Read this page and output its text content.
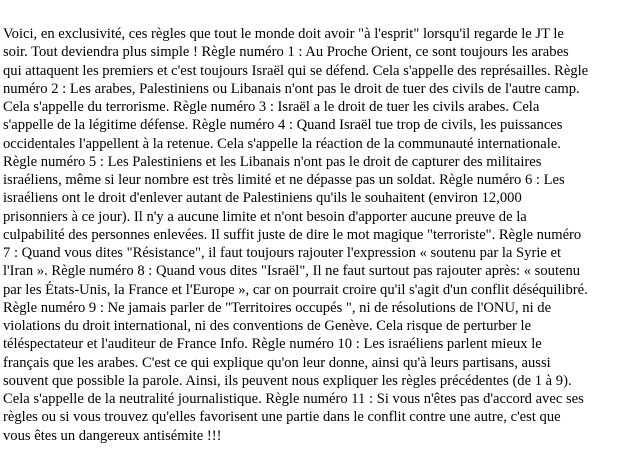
Voici, en exclusivité, ces règles que tout le monde doit avoir "à l'esprit" lorsqu'il regarde le JT le
soir. Tout deviendra plus simple ! Règle numéro 1 : Au Proche Orient, ce sont toujours les arabes
qui attaquent les premiers et c'est toujours Israël qui se défend. Cela s'appelle des représailles. Règle
numéro 2 : Les arabes, Palestiniens ou Libanais n'ont pas le droit de tuer des civils de l'autre camp.
Cela s'appelle du terrorisme. Règle numéro 3 : Israël a le droit de tuer les civils arabes. Cela
s'appelle de la légitime défense. Règle numéro 4 : Quand Israël tue trop de civils, les puissances
occidentales l'appellent à la retenue. Cela s'appelle la réaction de la communauté internationale.
Règle numéro 5 : Les Palestiniens et les Libanais n'ont pas le droit de capturer des militaires
israéliens, même si leur nombre est très limité et ne dépasse pas un soldat. Règle numéro 6 : Les
israéliens ont le droit d'enlever autant de Palestiniens qu'ils le souhaitent (environ 12,000
prisonniers à ce jour). Il n'y a aucune limite et n'ont besoin d'apporter aucune preuve de la
culpabilité des personnes enlevées. Il suffit juste de dire le mot magique "terroriste". Règle numéro
7 : Quand vous dites "Résistance", il faut toujours rajouter l'expression « soutenu par la Syrie et
l'Iran ». Règle numéro 8 : Quand vous dites "Israël", Il ne faut surtout pas rajouter après: « soutenu
par les États-Unis, la France et l'Europe », car on pourrait croire qu'il s'agit d'un conflit déséquilibré.
Règle numéro 9 : Ne jamais parler de "Territoires occupés ", ni de résolutions de l'ONU, ni de
violations du droit international, ni des conventions de Genève. Cela risque de perturber le
téléspectateur et l'auditeur de France Info. Règle numéro 10 : Les israéliens parlent mieux le
français que les arabes. C'est ce qui explique qu'on leur donne, ainsi qu'à leurs partisans, aussi
souvent que possible la parole. Ainsi, ils peuvent nous expliquer les règles précédentes (de 1 à 9).
Cela s'appelle de la neutralité journalistique. Règle numéro 11 : Si vous n'êtes pas d'accord avec ses
règles ou si vous trouvez qu'elles favorisent une partie dans le conflit contre une autre, c'est que
vous êtes un dangereux antisémite !!!
